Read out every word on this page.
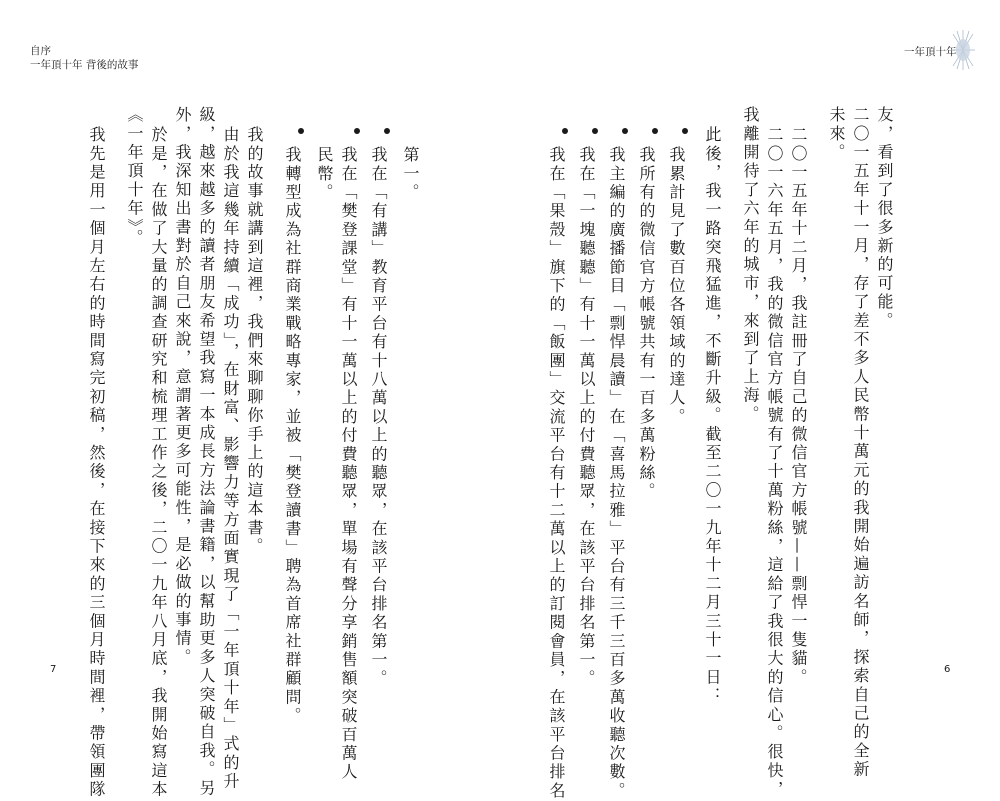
自序
一年頂十年 背後的故事
一年頂十年
友，看到了很多新的可能。
二〇一五年十一月，存了差不多人民幣十萬元的我開始遍訪名師，探索自己的全新
未來。
二〇一五年十二月，我註冊了自己的微信官方帳號——剽悍一隻貓。
二〇一六年五月，我的微信官方帳號有了十萬粉絲，這給了我很大的信心。很快，
我離開待了六年的城市，來到了上海。
此後，我一路突飛猛進，不斷升級。截至二〇一九年十二月三十一日：
我累計見了數百位各領域的達人。
我所有的微信官方帳號共有一百多萬粉絲。
我主編的廣播節目「剽悍晨讀」在「喜馬拉雅」平台有三千三百多萬收聽次數。
我在「一塊聽聽」有十一萬以上的付費聽眾，在該平台排名第一。
我在「果殼」旗下的「飯團」交流平台有十二萬以上的訂閱會員，在該平台排名
第一。
我在「有講」教育平台有十八萬以上的聽眾，在該平台排名第一。
我在「樊登課堂」有十一萬以上的付費聽眾，單場有聲分享銷售額突破百萬人
民幣。
我轉型成為社群商業戰略專家，並被「樊登讀書」聘為首席社群顧問。
我的故事就講到這裡，我們來聊聊你手上的這本書。
由於我這幾年持續「成功」，在財富、影響力等方面實現了「一年頂十年」式的升
級，越來越多的讀者朋友希望我寫一本成長方法論書籍，以幫助更多人突破自我。另
外，我深知出書對於自己來說，意謂著更多可能性，是必做的事情。
於是，在做了大量的調查研究和梳理工作之後，二〇一九年八月底，我開始寫這本
《一年頂十年》。
我先是用一個月左右的時間寫完初稿，然後，在接下來的三個月時間裡，帶領團隊
7	6
